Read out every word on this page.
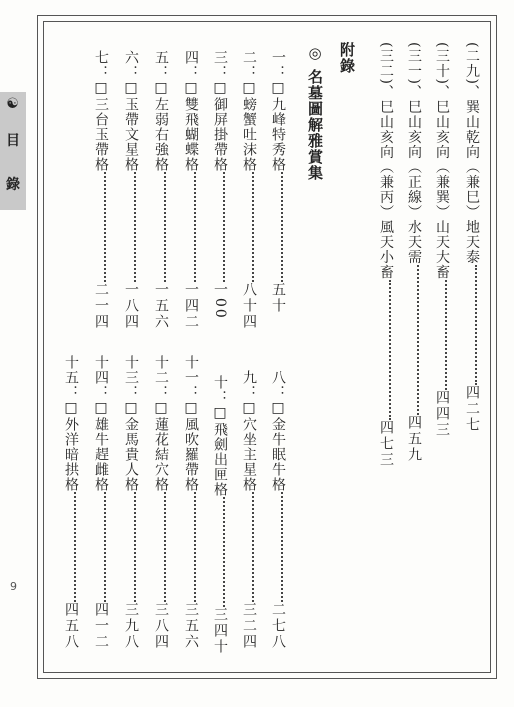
☯
目
錄
9
(二九)、巽山乾向（兼巳）地天泰四二七
(三十)、巳山亥向（兼巽）山天大畜四四三
(三一)、巳山亥向（正線）水天需四五九
(三二)、巳山亥向（兼丙）風天小畜四七三
附錄
◎名墓圖解雅賞集
一：□九峰特秀格五十
二：□螃蟹吐沫格八十四
三：□御屏掛帶格一00
四：□雙飛蝴蝶格一四二
五：□左弱右強格一五六
六：□玉帶文星格一八四
七：□三台玉帶格二一四
八：□金牛眠牛格二七八
九：□穴坐主星格三二四
十：□飛劍出匣格三四十
十一：□風吹羅帶格三五六
十二：□蓮花結穴格三八四
十三：□金馬貴人格三九八
十四：□雄牛趕雌格四一二
十五：□外洋暗拱格四五八
